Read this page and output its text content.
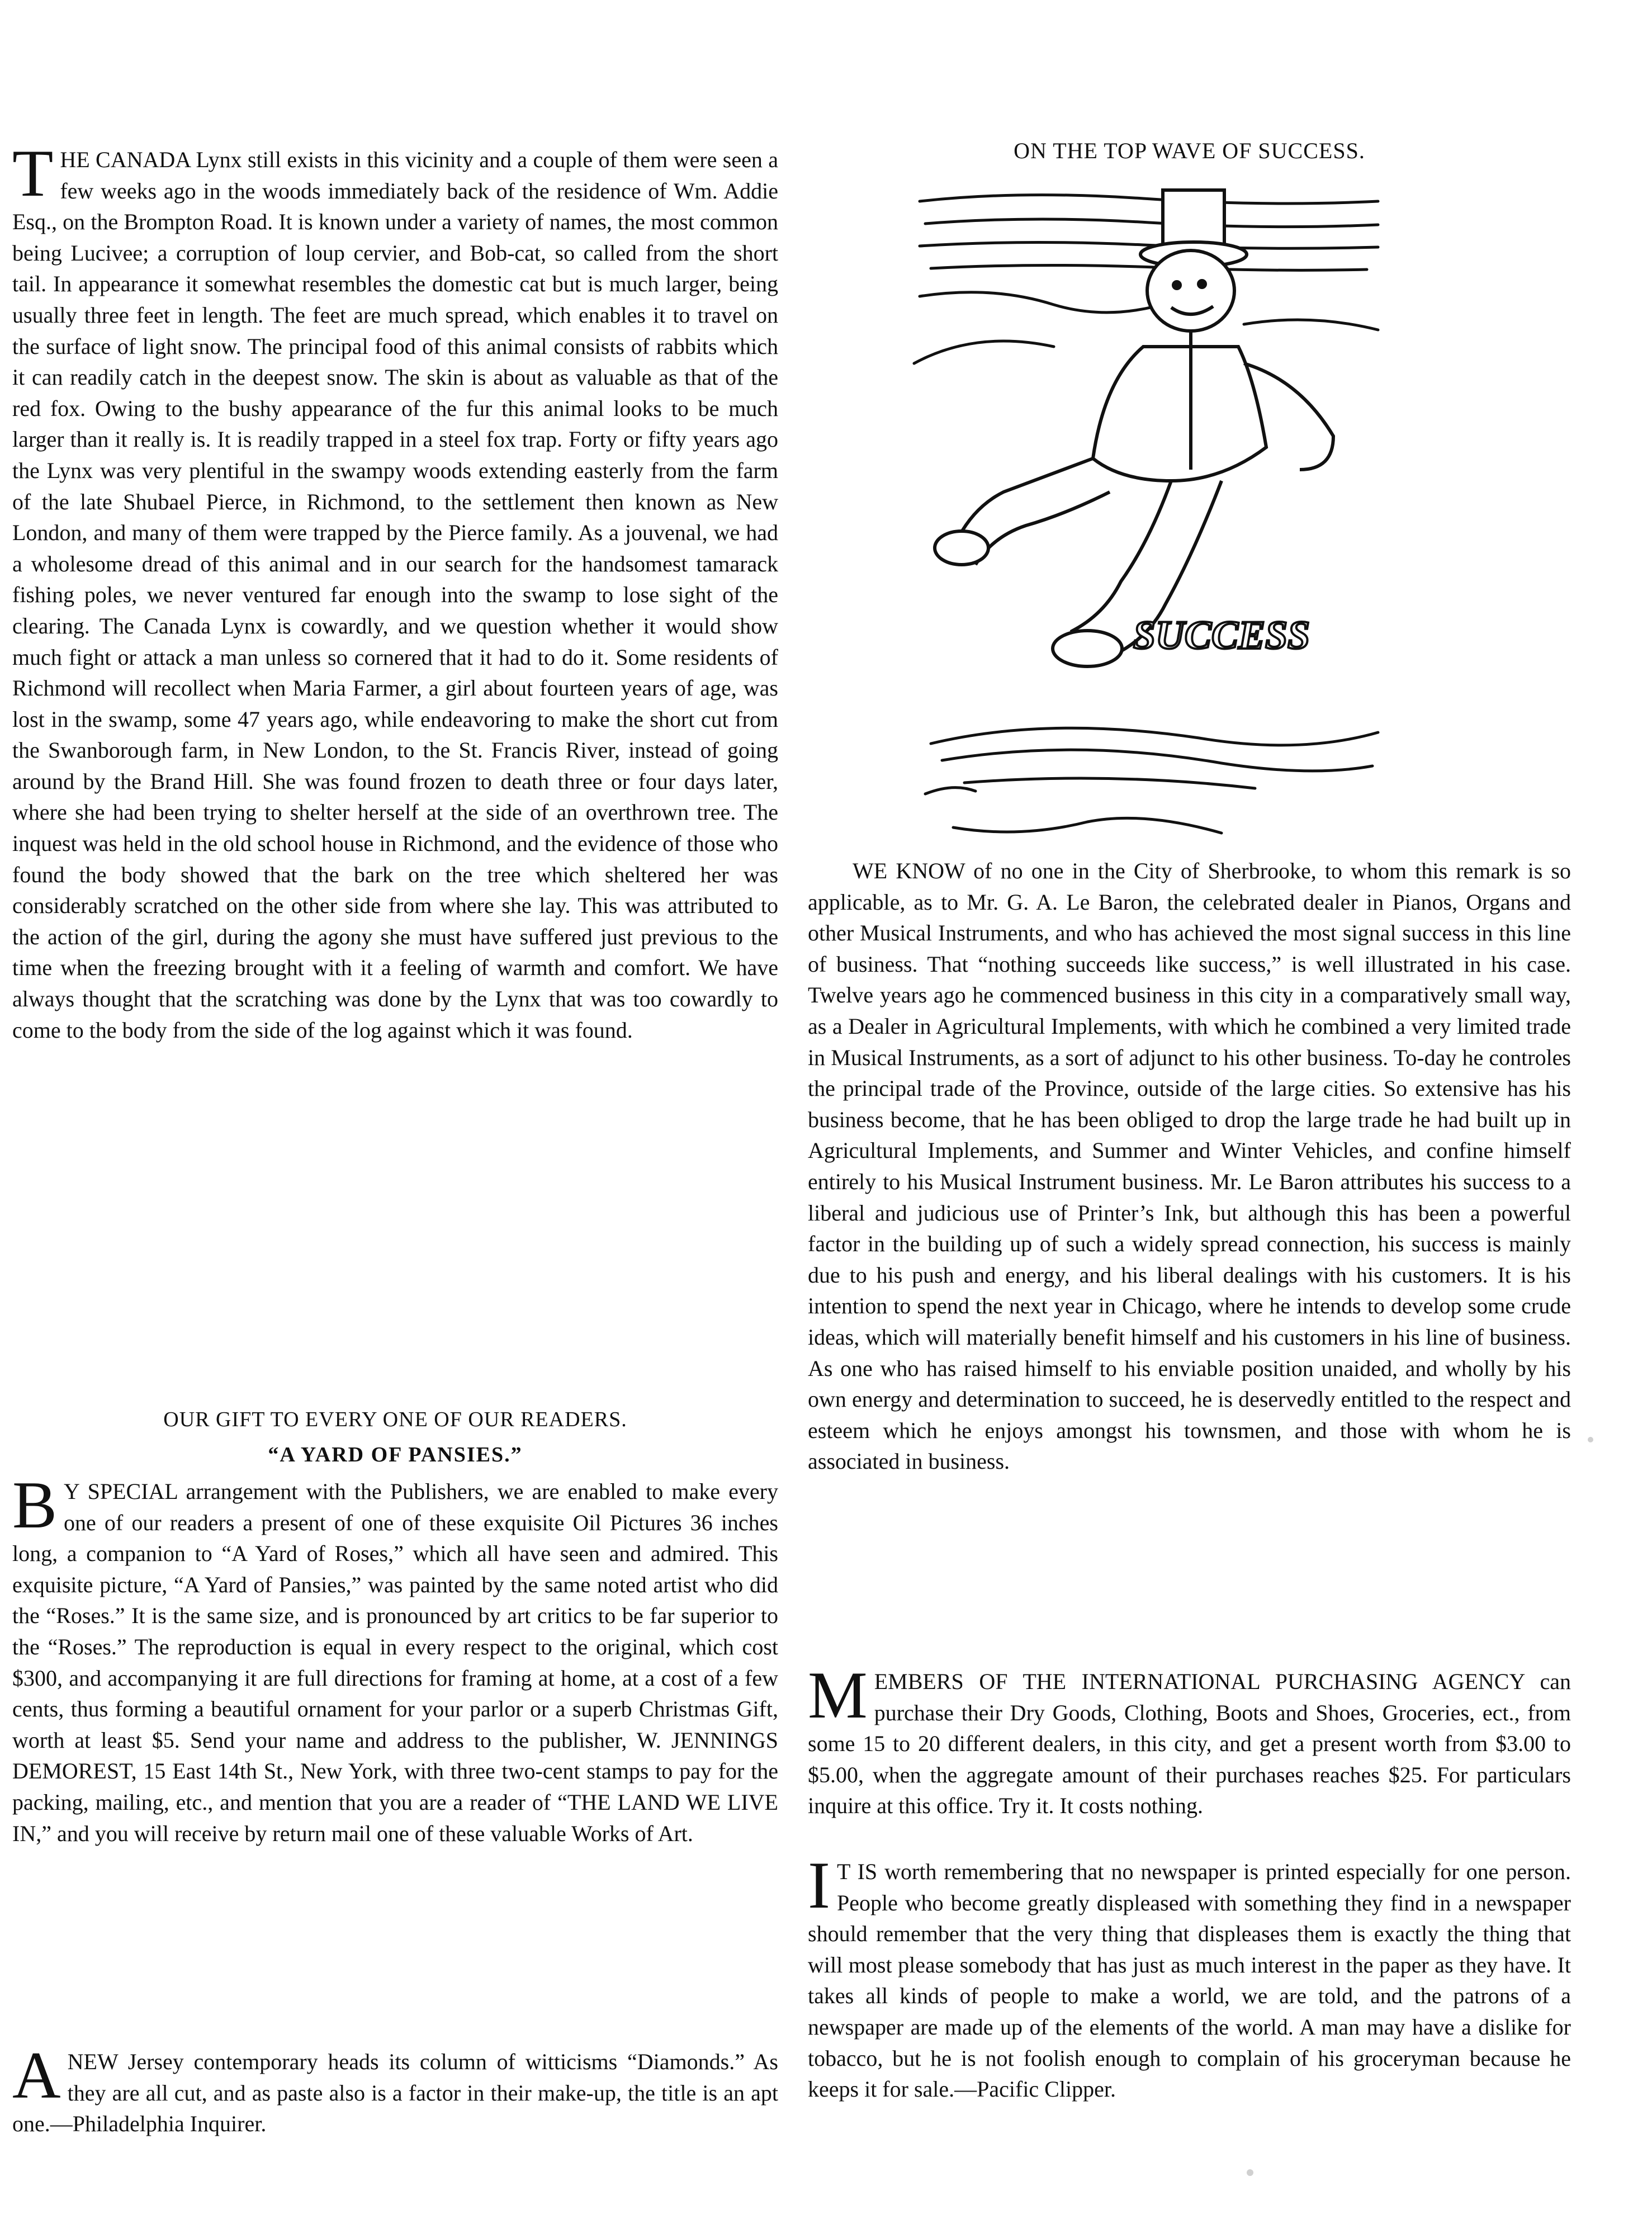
THE CANADA Lynx still exists in this vicinity and a couple of them were seen a few weeks ago in the woods immediately back of the residence of Wm. Addie Esq., on the Brompton Road. It is known under a variety of names, the most common being Lucivee; a corruption of loup cervier, and Bob-cat, so called from the short tail. In appearance it somewhat resembles the domestic cat but is much larger, being usually three feet in length. The feet are much spread, which enables it to travel on the surface of light snow. The principal food of this animal consists of rabbits which it can readily catch in the deepest snow. The skin is about as valuable as that of the red fox. Owing to the bushy appearance of the fur this animal looks to be much larger than it really is. It is readily trapped in a steel fox trap. Forty or fifty years ago the Lynx was very plentiful in the swampy woods extending easterly from the farm of the late Shubael Pierce, in Richmond, to the settlement then known as New London, and many of them were trapped by the Pierce family. As a jouvenal, we had a wholesome dread of this animal and in our search for the handsomest tamarack fishing poles, we never ventured far enough into the swamp to lose sight of the clearing. The Canada Lynx is cowardly, and we question whether it would show much fight or attack a man unless so cornered that it had to do it. Some residents of Richmond will recollect when Maria Farmer, a girl about fourteen years of age, was lost in the swamp, some 47 years ago, while endeavoring to make the short cut from the Swanborough farm, in New London, to the St. Francis River, instead of going around by the Brand Hill. She was found frozen to death three or four days later, where she had been trying to shelter herself at the side of an overthrown tree. The inquest was held in the old school house in Richmond, and the evidence of those who found the body showed that the bark on the tree which sheltered her was considerably scratched on the other side from where she lay. This was attributed to the action of the girl, during the agony she must have suffered just previous to the time when the freezing brought with it a feeling of warmth and comfort. We have always thought that the scratching was done by the Lynx that was too cowardly to come to the body from the side of the log against which it was found.

OUR GIFT TO EVERY ONE OF OUR READERS.
“A YARD OF PANSIES.”

BY SPECIAL arrangement with the Publishers, we are enabled to make every one of our readers a present of one of these exquisite Oil Pictures 36 inches long, a companion to “A Yard of Roses,” which all have seen and admired. This exquisite picture, “A Yard of Pansies,” was painted by the same noted artist who did the “Roses.” It is the same size, and is pronounced by art critics to be far superior to the “Roses.” The reproduction is equal in every respect to the original, which cost $300, and accompanying it are full directions for framing at home, at a cost of a few cents, thus forming a beautiful ornament for your parlor or a superb Christmas Gift, worth at least $5. Send your name and address to the publisher, W. JENNINGS DEMOREST, 15 East 14th St., New York, with three two-cent stamps to pay for the packing, mailing, etc., and mention that you are a reader of “THE LAND WE LIVE IN,” and you will receive by return mail one of these valuable Works of Art.

ANEW Jersey contemporary heads its column of witticisms “Diamonds.” As they are all cut, and as paste also is a factor in their make-up, the title is an apt one.—Philadelphia Inquirer.

ON THE TOP WAVE OF SUCCESS.
SUCCESS

WE KNOW of no one in the City of Sherbrooke, to whom this remark is so applicable, as to Mr. G. A. Le Baron, the celebrated dealer in Pianos, Organs and other Musical Instruments, and who has achieved the most signal success in this line of business. That “nothing succeeds like success,” is well illustrated in his case. Twelve years ago he commenced business in this city in a comparatively small way, as a Dealer in Agricultural Implements, with which he combined a very limited trade in Musical Instruments, as a sort of adjunct to his other business. To-day he controles the principal trade of the Province, outside of the large cities. So extensive has his business become, that he has been obliged to drop the large trade he had built up in Agricultural Implements, and Summer and Winter Vehicles, and confine himself entirely to his Musical Instrument business. Mr. Le Baron attributes his success to a liberal and judicious use of Printer’s Ink, but although this has been a powerful factor in the building up of such a widely spread connection, his success is mainly due to his push and energy, and his liberal dealings with his customers. It is his intention to spend the next year in Chicago, where he intends to develop some crude ideas, which will materially benefit himself and his customers in his line of business. As one who has raised himself to his enviable position unaided, and wholly by his own energy and determination to succeed, he is deservedly entitled to the respect and esteem which he enjoys amongst his townsmen, and those with whom he is associated in business.

MEMBERS OF THE INTERNATIONAL PURCHASING AGENCY can purchase their Dry Goods, Clothing, Boots and Shoes, Groceries, ect., from some 15 to 20 different dealers, in this city, and get a present worth from $3.00 to $5.00, when the aggregate amount of their purchases reaches $25. For particulars inquire at this office. Try it. It costs nothing.

IT IS worth remembering that no newspaper is printed especially for one person. People who become greatly displeased with something they find in a newspaper should remember that the very thing that displeases them is exactly the thing that will most please somebody that has just as much interest in the paper as they have. It takes all kinds of people to make a world, we are told, and the patrons of a newspaper are made up of the elements of the world. A man may have a dislike for tobacco, but he is not foolish enough to complain of his groceryman because he keeps it for sale.—Pacific Clipper.
